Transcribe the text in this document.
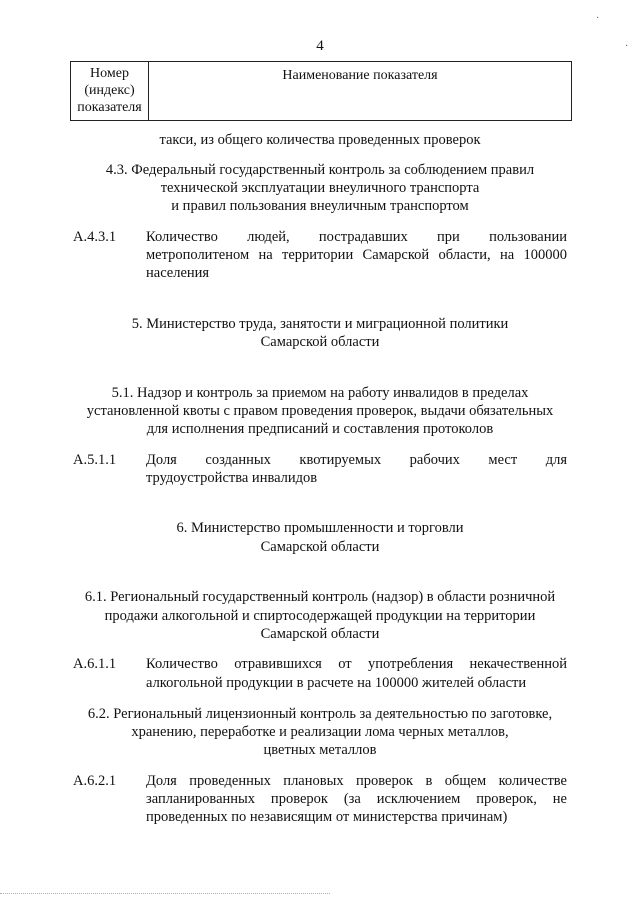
4
Номер
(индекс)
показателя
Наименование показателя
такси, из общего количества проведенных проверок
4.3. Федеральный государственный контроль за соблюдением правил
технической эксплуатации внеуличного транспорта
и правил пользования внеуличным транспортом
А.4.3.1 Количество людей, пострадавших при пользовании
метрополитеном на территории Самарской области, на 100000
населения
5. Министерство труда, занятости и миграционной политики
Самарской области
5.1. Надзор и контроль за приемом на работу инвалидов в пределах
установленной квоты с правом проведения проверок, выдачи обязательных
для исполнения предписаний и составления протоколов
А.5.1.1 Доля созданных квотируемых рабочих мест для
трудоустройства инвалидов
6. Министерство промышленности и торговли
Самарской области
6.1. Региональный государственный контроль (надзор) в области розничной
продажи алкогольной и спиртосодержащей продукции на территории
Самарской области
А.6.1.1 Количество отравившихся от употребления некачественной
алкогольной продукции в расчете на 100000 жителей области
6.2. Региональный лицензионный контроль за деятельностью по заготовке,
хранению, переработке и реализации лома черных металлов,
цветных металлов
А.6.2.1 Доля проведенных плановых проверок в общем количестве
запланированных проверок (за исключением проверок, не
проведенных по независящим от министерства причинам)
·
·
